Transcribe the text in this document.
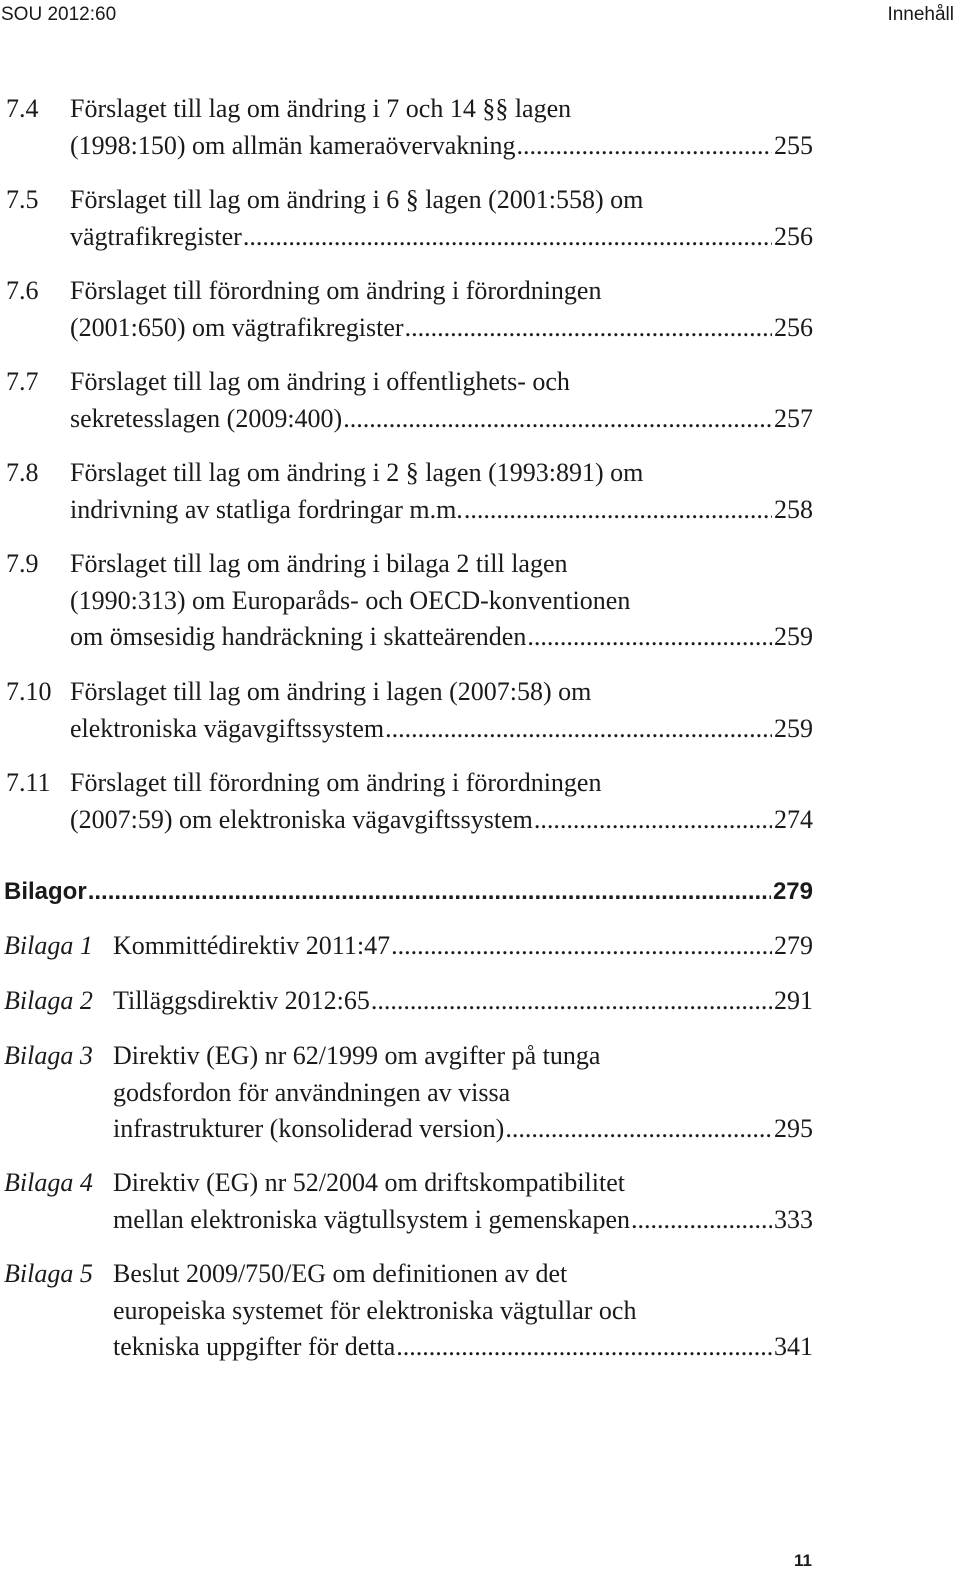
SOU 2012:60	Innehåll
7.4 Förslaget till lag om ändring i 7 och 14 §§ lagen
(1998:150) om allmän kameraövervakning .....	255
7.5 Förslaget till lag om ändring i 6 § lagen (2001:558) om
vägtrafikregister .....	256
7.6 Förslaget till förordning om ändring i förordningen
(2001:650) om vägtrafikregister .....	256
7.7 Förslaget till lag om ändring i offentlighets- och
sekretesslagen (2009:400) .....	257
7.8 Förslaget till lag om ändring i 2 § lagen (1993:891) om
indrivning av statliga fordringar m.m. .....	258
7.9 Förslaget till lag om ändring i bilaga 2 till lagen
(1990:313) om Europaråds- och OECD-konventionen
om ömsesidig handräckning i skatteärenden .....	259
7.10 Förslaget till lag om ändring i lagen (2007:58) om
elektroniska vägavgiftssystem .....	259
7.11 Förslaget till förordning om ändring i förordningen
(2007:59) om elektroniska vägavgiftssystem .....	274
Bilagor .....	279
Bilaga 1 Kommittédirektiv 2011:47 .....	279
Bilaga 2 Tilläggsdirektiv 2012:65 .....	291
Bilaga 3 Direktiv (EG) nr 62/1999 om avgifter på tunga
godsfordon för användningen av vissa
infrastrukturer (konsoliderad version) .....	295
Bilaga 4 Direktiv (EG) nr 52/2004 om driftskompatibilitet
mellan elektroniska vägtullsystem i gemenskapen .....	333
Bilaga 5 Beslut 2009/750/EG om definitionen av det
europeiska systemet för elektroniska vägtullar och
tekniska uppgifter för detta .....	341
11
